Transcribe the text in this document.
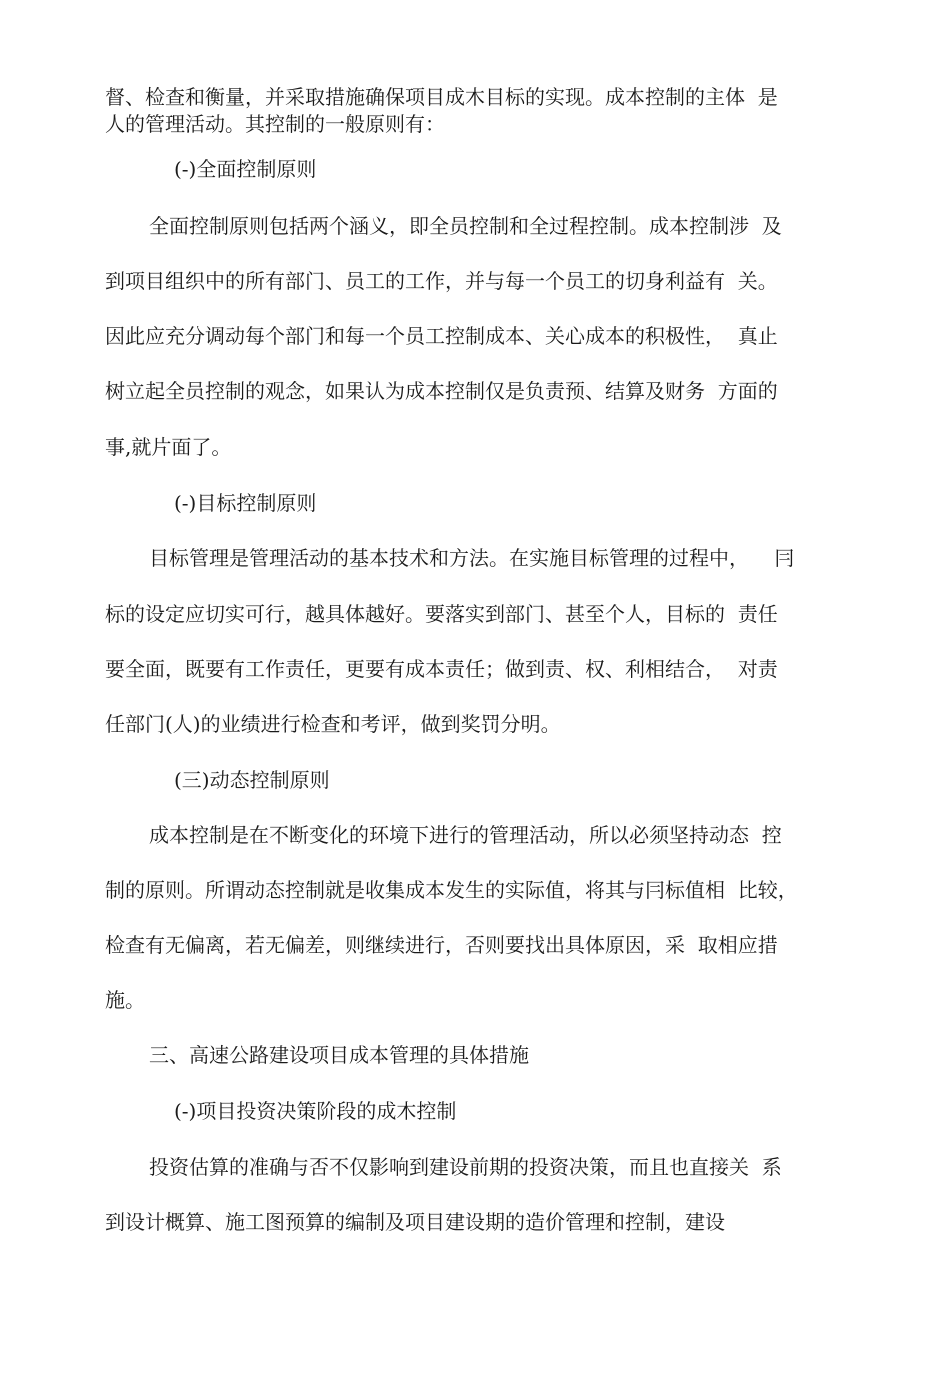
督、检查和衡量，并采取措施确保项目成木目标的实现。成本控制的主体  是
人的管理活动。其控制的一般原则有：
(-)全面控制原则
全面控制原则包括两个涵义，即全员控制和全过程控制。成本控制涉  及
到项目组织中的所有部门、员工的工作，并与每一个员工的切身利益有  关。
因此应充分调动每个部门和每一个员工控制成本、关心成本的积极性，  真止
树立起全员控制的观念，如果认为成本控制仅是负责预、结算及财务  方面的
事,就片面了。
(-)目标控制原则
目标管理是管理活动的基本技术和方法。在实施目标管理的过程中，    冃
标的设定应切实可行，越具体越好。要落实到部门、甚至个人，目标的  责任
要全面，既要有工作责任，更要有成本责任；做到责、权、利相结合，  对责
任部门(人)的业绩进行检查和考评，做到奖罚分明。
(三)动态控制原则
成本控制是在不断变化的环境下进行的管理活动，所以必须坚持动态  控
制的原则。所谓动态控制就是收集成本发生的实际值，将其与冃标值相  比较，
检查有无偏离，若无偏差，则继续进行，否则要找出具体原因，采  取相应措
施。
三、高速公路建设项目成本管理的具体措施
(-)项目投资决策阶段的成木控制
投资估算的准确与否不仅影响到建设前期的投资决策，而且也直接关  系
到设计概算、施工图预算的编制及项目建设期的造价管理和控制，建设
